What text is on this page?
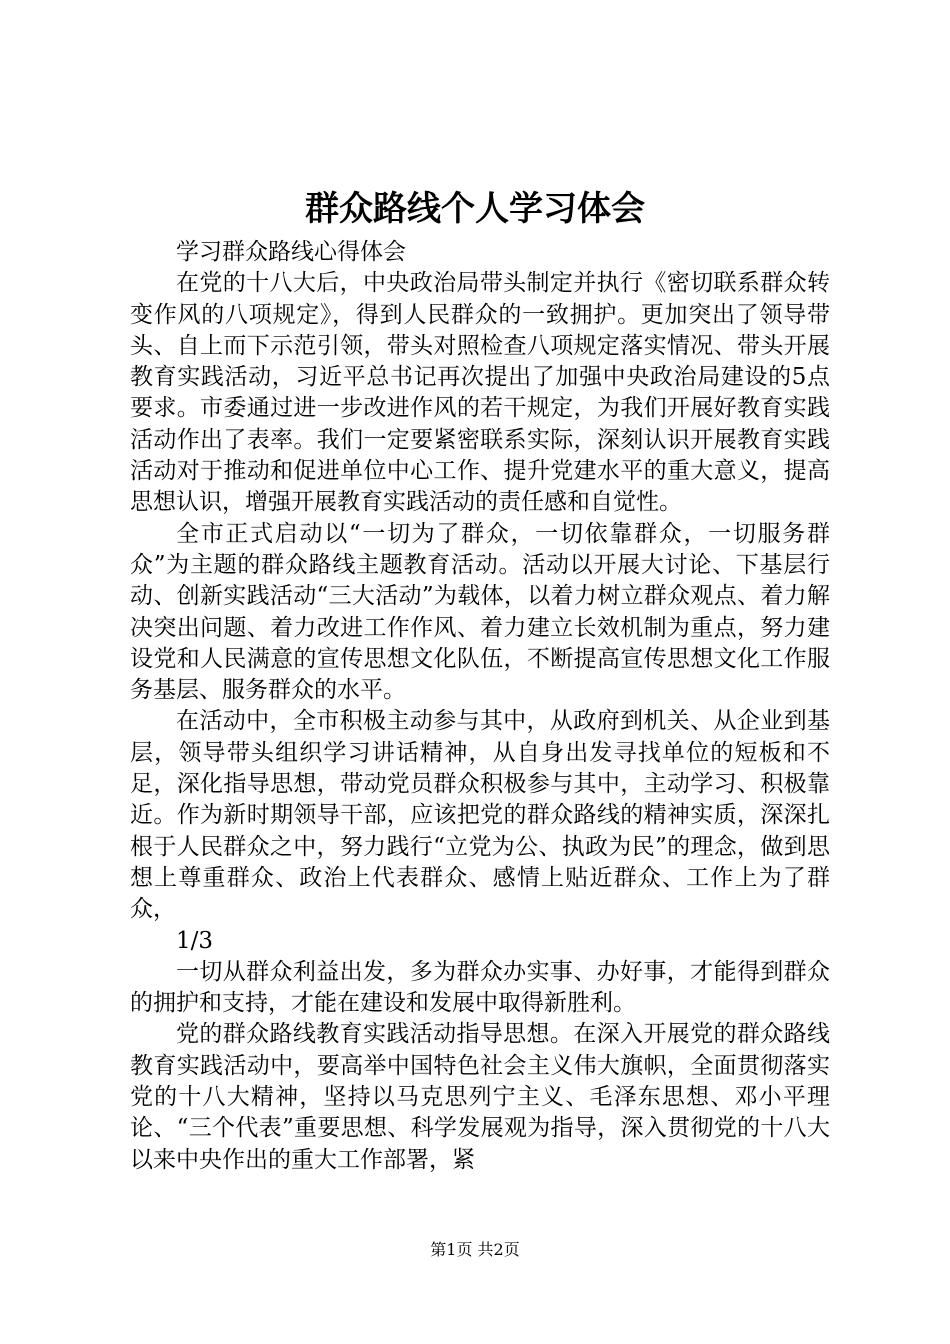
群众路线个人学习体会

学习群众路线心得体会

在党的十八大后，中央政治局带头制定并执行《密切联系群众转变作风的八项规定》，得到人民群众的一致拥护。更加突出了领导带头、自上而下示范引领，带头对照检查八项规定落实情况、带头开展教育实践活动，习近平总书记再次提出了加强中央政治局建设的5点要求。市委通过进一步改进作风的若干规定，为我们开展好教育实践活动作出了表率。我们一定要紧密联系实际，深刻认识开展教育实践活动对于推动和促进单位中心工作、提升党建水平的重大意义，提高思想认识，增强开展教育实践活动的责任感和自觉性。

全市正式启动以“一切为了群众，一切依靠群众，一切服务群众”为主题的群众路线主题教育活动。活动以开展大讨论、下基层行动、创新实践活动“三大活动”为载体，以着力树立群众观点、着力解决突出问题、着力改进工作作风、着力建立长效机制为重点，努力建设党和人民满意的宣传思想文化队伍，不断提高宣传思想文化工作服务基层、服务群众的水平。

在活动中，全市积极主动参与其中，从政府到机关、从企业到基层，领导带头组织学习讲话精神，从自身出发寻找单位的短板和不足，深化指导思想，带动党员群众积极参与其中，主动学习、积极靠近。作为新时期领导干部，应该把党的群众路线的精神实质，深深扎根于人民群众之中，努力践行“立党为公、执政为民”的理念，做到思想上尊重群众、政治上代表群众、感情上贴近群众、工作上为了群众，

1/3

一切从群众利益出发，多为群众办实事、办好事，才能得到群众的拥护和支持，才能在建设和发展中取得新胜利。

党的群众路线教育实践活动指导思想。在深入开展党的群众路线教育实践活动中，要高举中国特色社会主义伟大旗帜，全面贯彻落实党的十八大精神，坚持以马克思列宁主义、毛泽东思想、邓小平理论、“三个代表”重要思想、科学发展观为指导，深入贯彻党的十八大以来中央作出的重大工作部署，紧

第1页 共2页
